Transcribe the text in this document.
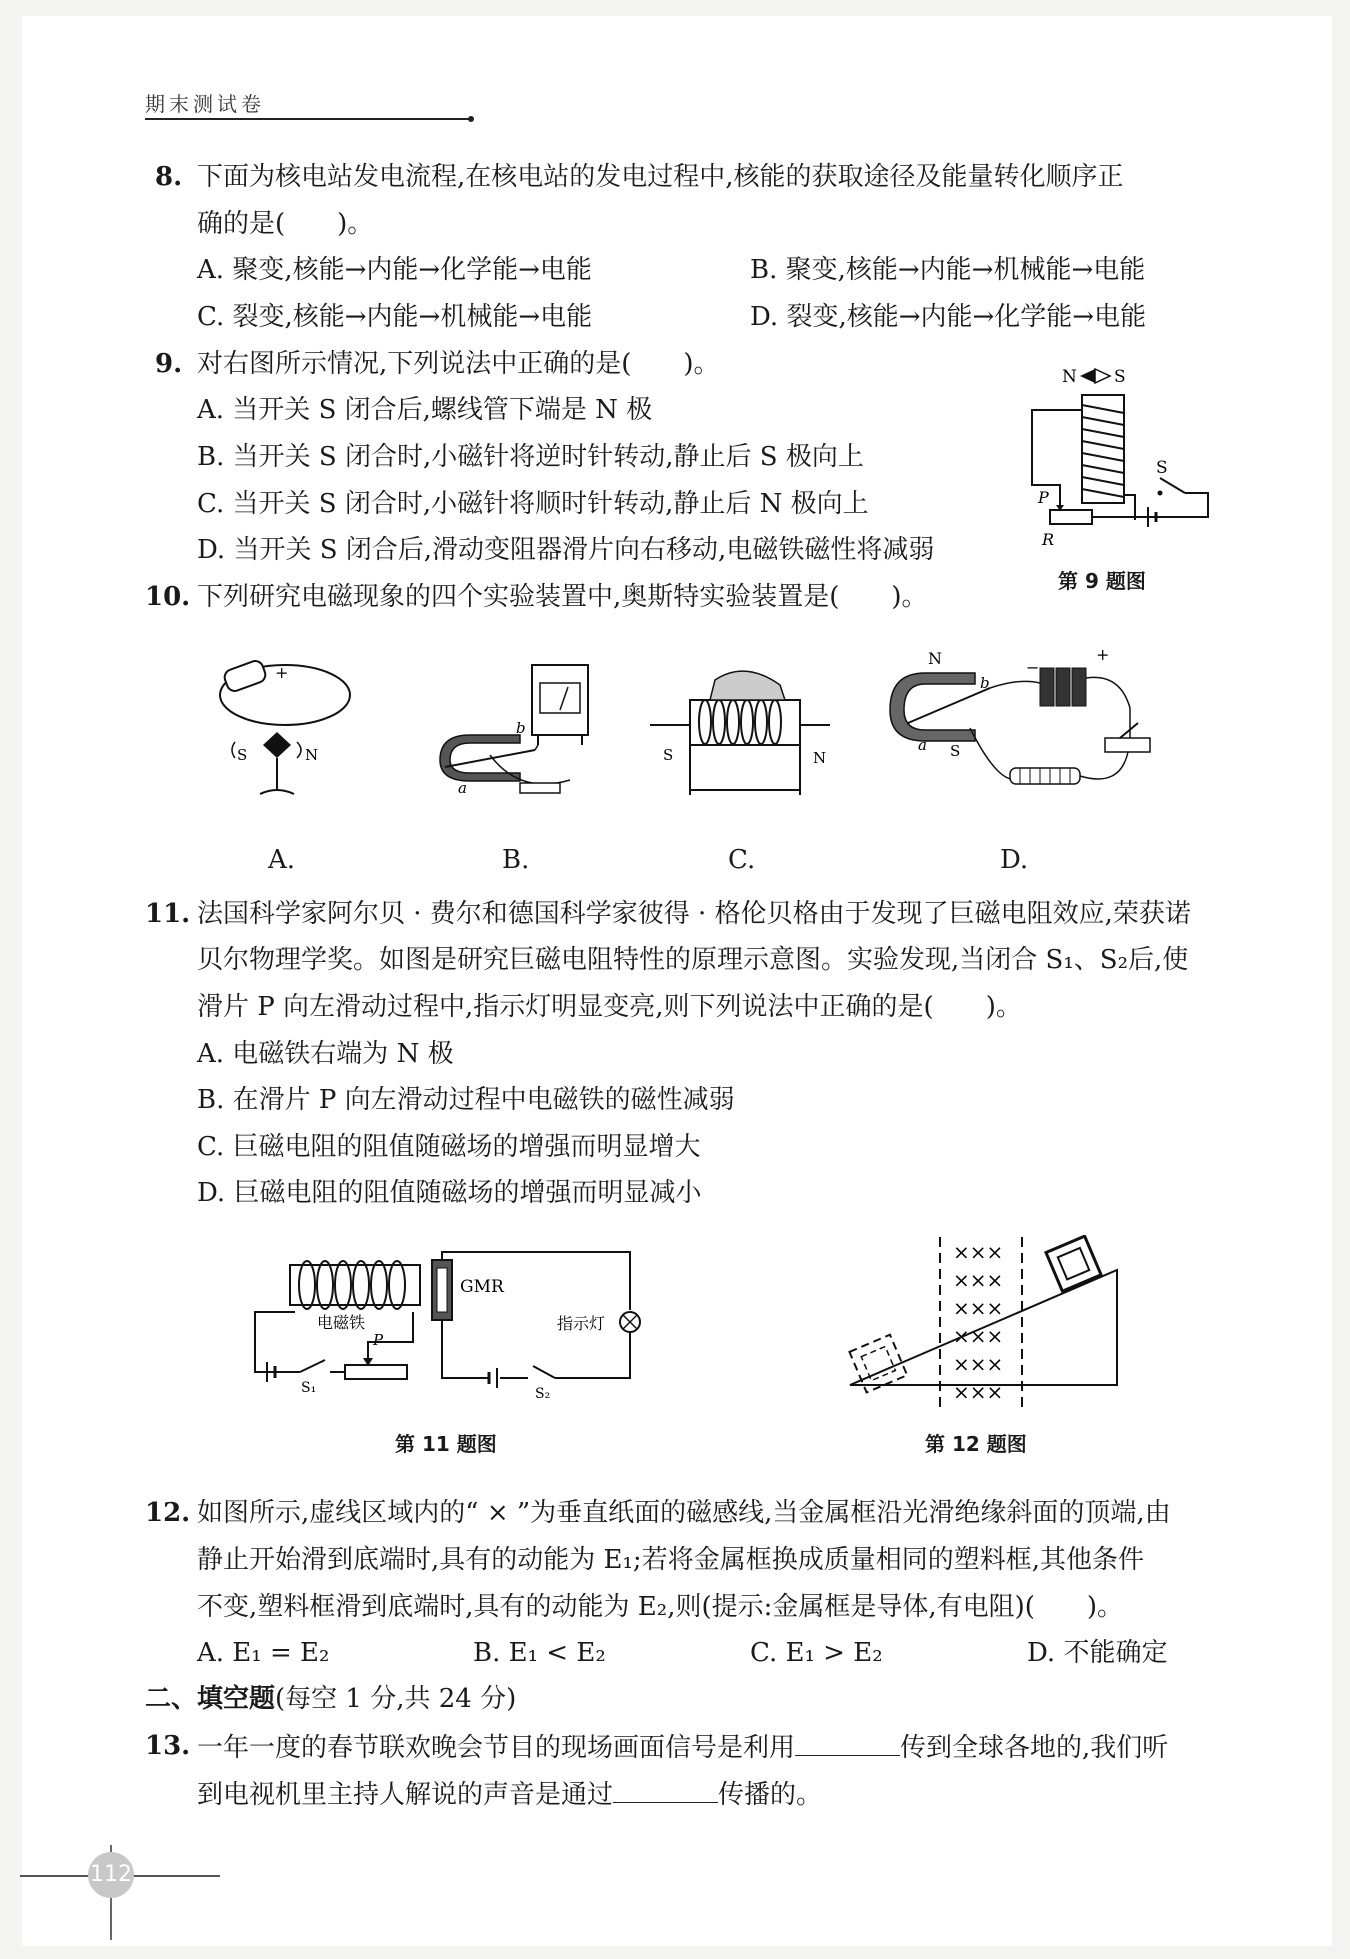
期末测试卷
8. 下面为核电站发电流程,在核电站的发电过程中,核能的获取途径及能量转化顺序正
确的是(　　)。
A. 聚变,核能→内能→化学能→电能	B. 聚变,核能→内能→机械能→电能
C. 裂变,核能→内能→机械能→电能	D. 裂变,核能→内能→化学能→电能
9. 对右图所示情况,下列说法中正确的是(　　)。
A. 当开关 S 闭合后,螺线管下端是 N 极
B. 当开关 S 闭合时,小磁针将逆时针转动,静止后 S 极向上
C. 当开关 S 闭合时,小磁针将顺时针转动,静止后 N 极向上
D. 当开关 S 闭合后,滑动变阻器滑片向右移动,电磁铁磁性将减弱
N S
P
R
S
第 9 题图
10. 下列研究电磁现象的四个实验装置中,奥斯特实验装置是(　　)。
+
S	N
b
a
S	N
N
b
a S
−
+
A.	B.	C.	D.
11. 法国科学家阿尔贝 · 费尔和德国科学家彼得 · 格伦贝格由于发现了巨磁电阻效应,荣获诺
贝尔物理学奖。如图是研究巨磁电阻特性的原理示意图。实验发现,当闭合 S₁、S₂后,使
滑片 P 向左滑动过程中,指示灯明显变亮,则下列说法中正确的是(　　)。
A. 电磁铁右端为 N 极
B. 在滑片 P 向左滑动过程中电磁铁的磁性减弱
C. 巨磁电阻的阻值随磁场的增强而明显增大
D. 巨磁电阻的阻值随磁场的增强而明显减小
电磁铁
S₁
P
GMR
指示灯
S₂
第 11 题图
×××
×××
×××
×××
×××
×××
第 12 题图
12. 如图所示,虚线区域内的“ × ”为垂直纸面的磁感线,当金属框沿光滑绝缘斜面的顶端,由
静止开始滑到底端时,具有的动能为 E₁;若将金属框换成质量相同的塑料框,其他条件
不变,塑料框滑到底端时,具有的动能为 E₂,则(提示:金属框是导体,有电阻)(　　)。
A. E₁ = E₂	B. E₁ < E₂	C. E₁ > E₂	D. 不能确定
二、填空题(每空 1 分,共 24 分)
13. 一年一度的春节联欢晚会节目的现场画面信号是利用	传到全球各地的,我们听
到电视机里主持人解说的声音是通过	传播的。
112
